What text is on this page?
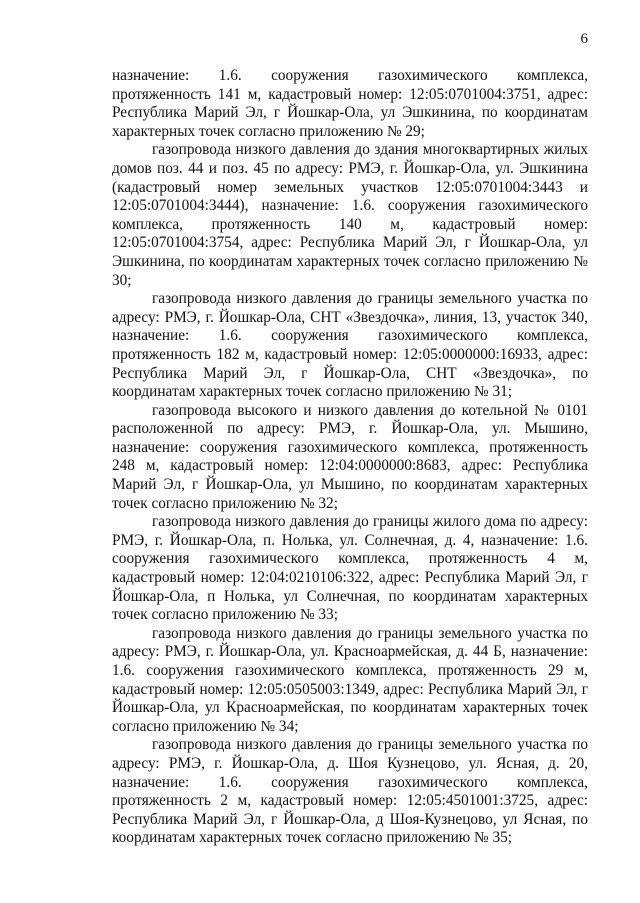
6

назначение: 1.6. сооружения газохимического комплекса, протяженность 141 м, кадастровый номер: 12:05:0701004:3751, адрес: Республика Марий Эл, г Йошкар-Ола, ул Эшкинина, по координатам характерных точек согласно приложению № 29;

газопровода низкого давления до здания многоквартирных жилых домов поз. 44 и поз. 45 по адресу: РМЭ, г. Йошкар-Ола, ул. Эшкинина (кадастровый номер земельных участков 12:05:0701004:3443 и 12:05:0701004:3444), назначение: 1.6. сооружения газохимического комплекса, протяженность 140 м, кадастровый номер: 12:05:0701004:3754, адрес: Республика Марий Эл, г Йошкар-Ола, ул Эшкинина, по координатам характерных точек согласно приложению № 30;

газопровода низкого давления до границы земельного участка по адресу: РМЭ, г. Йошкар-Ола, СНТ «Звездочка», линия, 13, участок 340, назначение: 1.6. сооружения газохимического комплекса, протяженность 182 м, кадастровый номер: 12:05:0000000:16933, адрес: Республика Марий Эл, г Йошкар-Ола, СНТ «Звездочка», по координатам характерных точек согласно приложению № 31;

газопровода высокого и низкого давления до котельной № 0101 расположенной по адресу: РМЭ, г. Йошкар-Ола, ул. Мышино, назначение: сооружения газохимического комплекса, протяженность 248 м, кадастровый номер: 12:04:0000000:8683, адрес: Республика Марий Эл, г Йошкар-Ола, ул Мышино, по координатам характерных точек согласно приложению № 32;

газопровода низкого давления до границы жилого дома по адресу: РМЭ, г. Йошкар-Ола, п. Нолька, ул. Солнечная, д. 4, назначение: 1.6. сооружения газохимического комплекса, протяженность 4 м, кадастровый номер: 12:04:0210106:322, адрес: Республика Марий Эл, г Йошкар-Ола, п Нолька, ул Солнечная, по координатам характерных точек согласно приложению № 33;

газопровода низкого давления до границы земельного участка по адресу: РМЭ, г. Йошкар-Ола, ул. Красноармейская, д. 44 Б, назначение: 1.6. сооружения газохимического комплекса, протяженность 29 м, кадастровый номер: 12:05:0505003:1349, адрес: Республика Марий Эл, г Йошкар-Ола, ул Красноармейская, по координатам характерных точек согласно приложению № 34;

газопровода низкого давления до границы земельного участка по адресу: РМЭ, г. Йошкар-Ола, д. Шоя Кузнецово, ул. Ясная, д. 20, назначение: 1.6. сооружения газохимического комплекса, протяженность 2 м, кадастровый номер: 12:05:4501001:3725, адрес: Республика Марий Эл, г Йошкар-Ола, д Шоя-Кузнецово, ул Ясная, по координатам характерных точек согласно приложению № 35;
